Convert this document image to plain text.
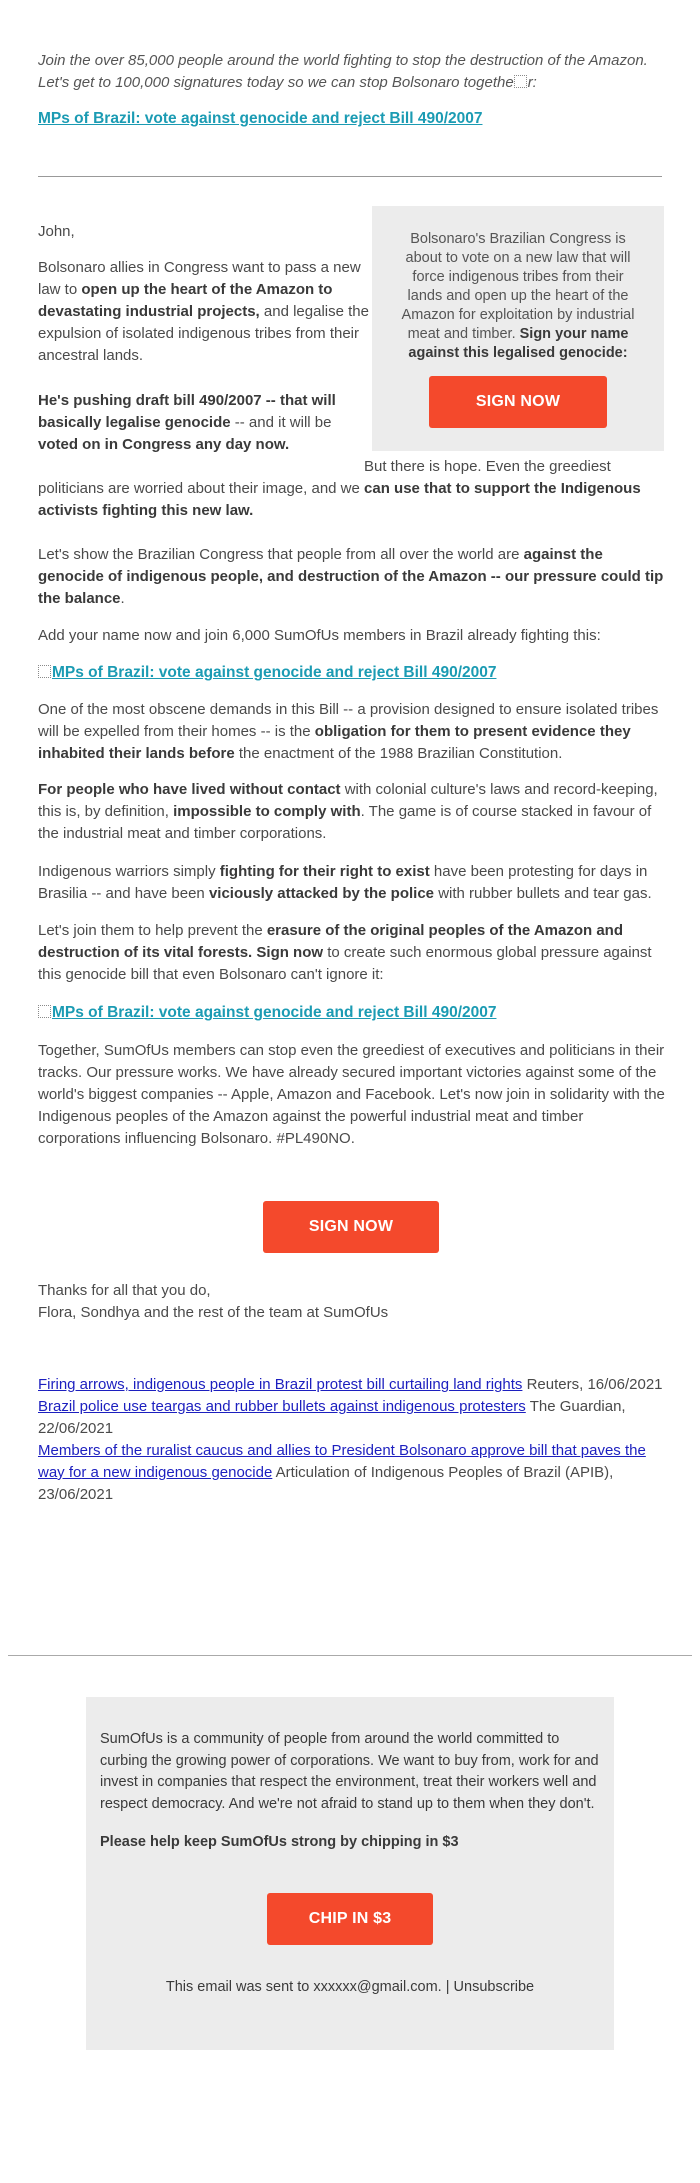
Join the over 85,000 people around the world fighting to stop the destruction of the Amazon.

Let's get to 100,000 signatures today so we can stop Bolsonaro togethe r:

MPs of Brazil: vote against genocide and reject Bill 490/2007
Bolsonaro's Brazilian Congress is about to vote on a new law that will force indigenous tribes from their lands and open up the heart of the Amazon for exploitation by industrial meat and timber. Sign your name against this legalised genocide:
SIGN NOW

John,

Bolsonaro allies in Congress want to pass a new law to open up the heart of the Amazon to devastating industrial projects, and legalise the expulsion of isolated indigenous tribes from their ancestral lands.

He's pushing draft bill 490/2007 -- that will basically legalise genocide -- and it will be voted on in Congress any day now.

But there is hope. Even the greediest politicians are worried about their image, and we can use that to support the Indigenous activists fighting this new law.

Let's show the Brazilian Congress that people from all over the world are against the genocide of indigenous people, and destruction of the Amazon -- our pressure could tip the balance.

Add your name now and join 6,000 SumOfUs members in Brazil already fighting this:

MPs of Brazil: vote against genocide and reject Bill 490/2007

One of the most obscene demands in this Bill -- a provision designed to ensure isolated tribes will be expelled from their homes -- is the obligation for them to present evidence they inhabited their lands before the enactment of the 1988 Brazilian Constitution.

For people who have lived without contact with colonial culture's laws and record-keeping, this is, by definition, impossible to comply with. The game is of course stacked in favour of the industrial meat and timber corporations.

Indigenous warriors simply fighting for their right to exist have been protesting for days in Brasilia -- and have been viciously attacked by the police with rubber bullets and tear gas.

Let's join them to help prevent the erasure of the original peoples of the Amazon and destruction of its vital forests. Sign now to create such enormous global pressure against this genocide bill that even Bolsonaro can't ignore it:

MPs of Brazil: vote against genocide and reject Bill 490/2007

Together, SumOfUs members can stop even the greediest of executives and politicians in their tracks. Our pressure works. We have already secured important victories against some of the world's biggest companies -- Apple, Amazon and Facebook. Let's now join in solidarity with the Indigenous peoples of the Amazon against the powerful industrial meat and timber corporations influencing Bolsonaro. #PL490NO.

SIGN NOW

Thanks for all that you do,

Flora, Sondhya and the rest of the team at SumOfUs

Firing arrows, indigenous people in Brazil protest bill curtailing land rights Reuters, 16/06/2021

Brazil police use teargas and rubber bullets against indigenous protesters The Guardian, 22/06/2021

Members of the ruralist caucus and allies to President Bolsonaro approve bill that paves the way for a new indigenous genocide Articulation of Indigenous Peoples of Brazil (APIB), 23/06/2021

SumOfUs is a community of people from around the world committed to curbing the growing power of corporations. We want to buy from, work for and invest in companies that respect the environment, treat their workers well and respect democracy. And we're not afraid to stand up to them when they don't.

Please help keep SumOfUs strong by chipping in $3

CHIP IN $3

This email was sent to xxxxxx@gmail.com. | Unsubscribe
